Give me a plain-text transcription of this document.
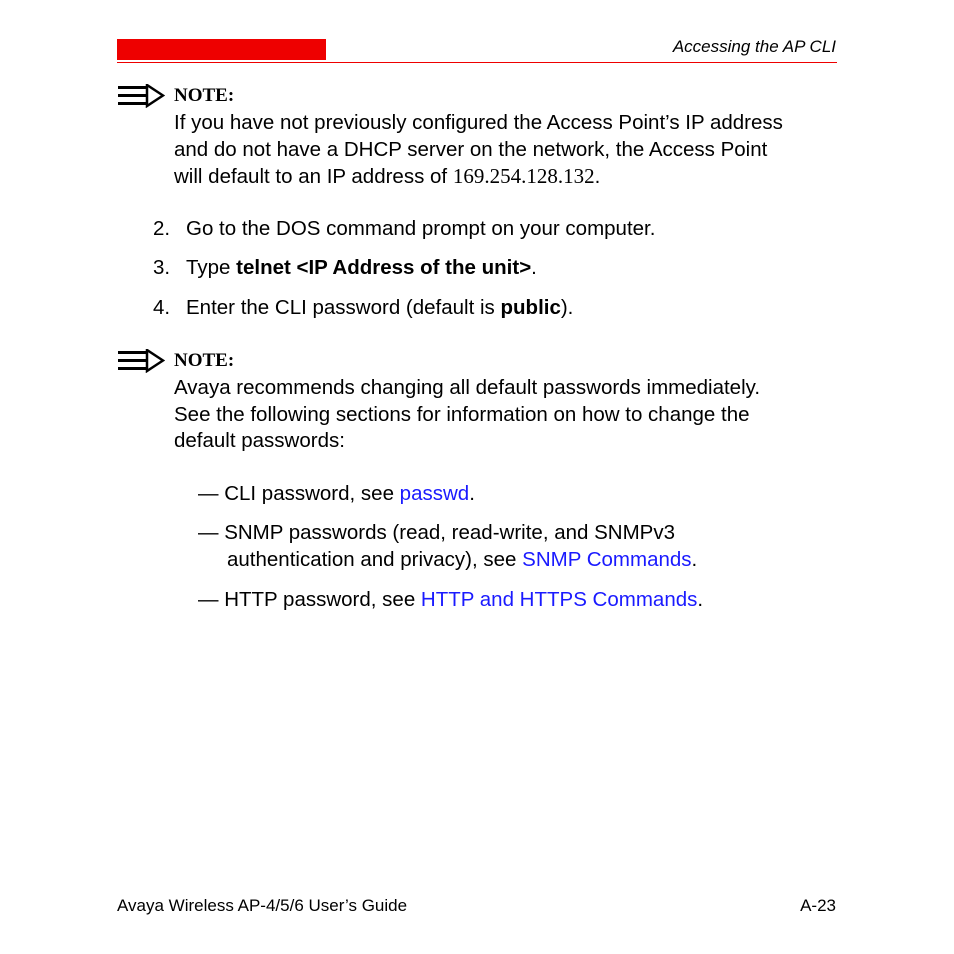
Accessing the AP CLI
NOTE:
If you have not previously configured the Access Point’s IP address
and do not have a DHCP server on the network, the Access Point
will default to an IP address of 169.254.128.132.
2. Go to the DOS command prompt on your computer.
3. Type telnet <IP Address of the unit>.
4. Enter the CLI password (default is public).
NOTE:
Avaya recommends changing all default passwords immediately.
See the following sections for information on how to change the
default passwords:
— CLI password, see passwd.
— SNMP passwords (read, read-write, and SNMPv3
authentication and privacy), see SNMP Commands.
— HTTP password, see HTTP and HTTPS Commands.
Avaya Wireless AP-4/5/6 User’s Guide	A-23
